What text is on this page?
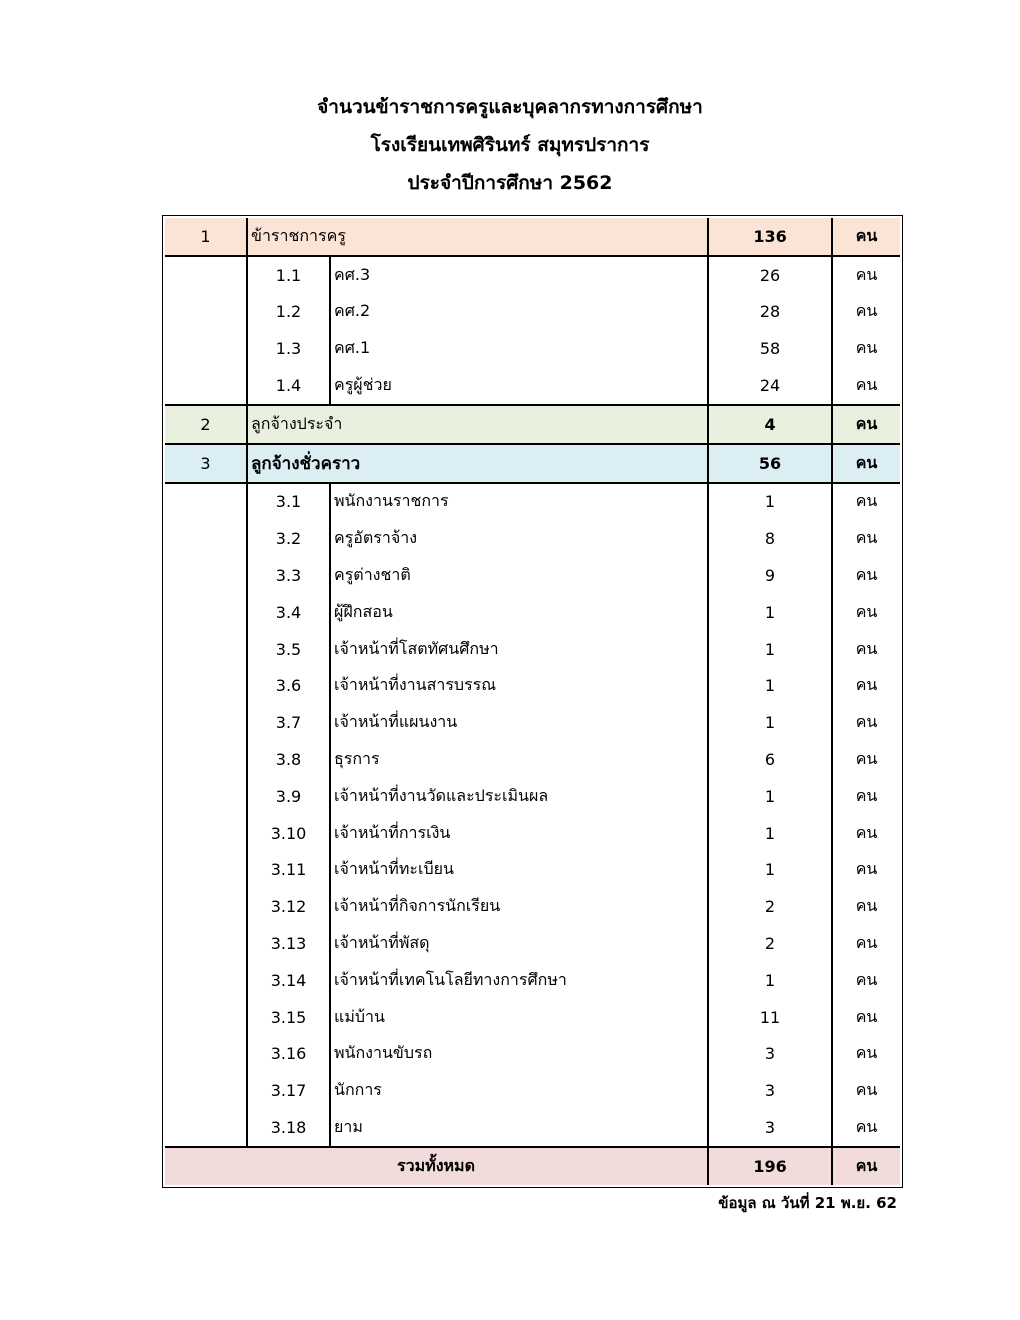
จำนวนข้าราชการครูและบุคลากรทางการศึกษา
โรงเรียนเทพศิรินทร์ สมุทรปราการ
ประจำปีการศึกษา 2562
1	ข้าราชการครู		136	คน
	1.1	คศ.3	26	คน
	1.2	คศ.2	28	คน
	1.3	คศ.1	58	คน
	1.4	ครูผู้ช่วย	24	คน
2	ลูกจ้างประจำ		4	คน
3	ลูกจ้างชั่วคราว		56	คน
	3.1	พนักงานราชการ	1	คน
	3.2	ครูอัตราจ้าง	8	คน
	3.3	ครูต่างชาติ	9	คน
	3.4	ผู้ฝึกสอน	1	คน
	3.5	เจ้าหน้าที่โสตทัศนศึกษา	1	คน
	3.6	เจ้าหน้าที่งานสารบรรณ	1	คน
	3.7	เจ้าหน้าที่แผนงาน	1	คน
	3.8	ธุรการ	6	คน
	3.9	เจ้าหน้าที่งานวัดและประเมินผล	1	คน
	3.10	เจ้าหน้าที่การเงิน	1	คน
	3.11	เจ้าหน้าที่ทะเบียน	1	คน
	3.12	เจ้าหน้าที่กิจการนักเรียน	2	คน
	3.13	เจ้าหน้าที่พัสดุ	2	คน
	3.14	เจ้าหน้าที่เทคโนโลยีทางการศึกษา	1	คน
	3.15	แม่บ้าน	11	คน
	3.16	พนักงานขับรถ	3	คน
	3.17	นักการ	3	คน
	3.18	ยาม	3	คน
รวมทั้งหมด			196	คน
ข้อมูล ณ วันที่ 21 พ.ย. 62
